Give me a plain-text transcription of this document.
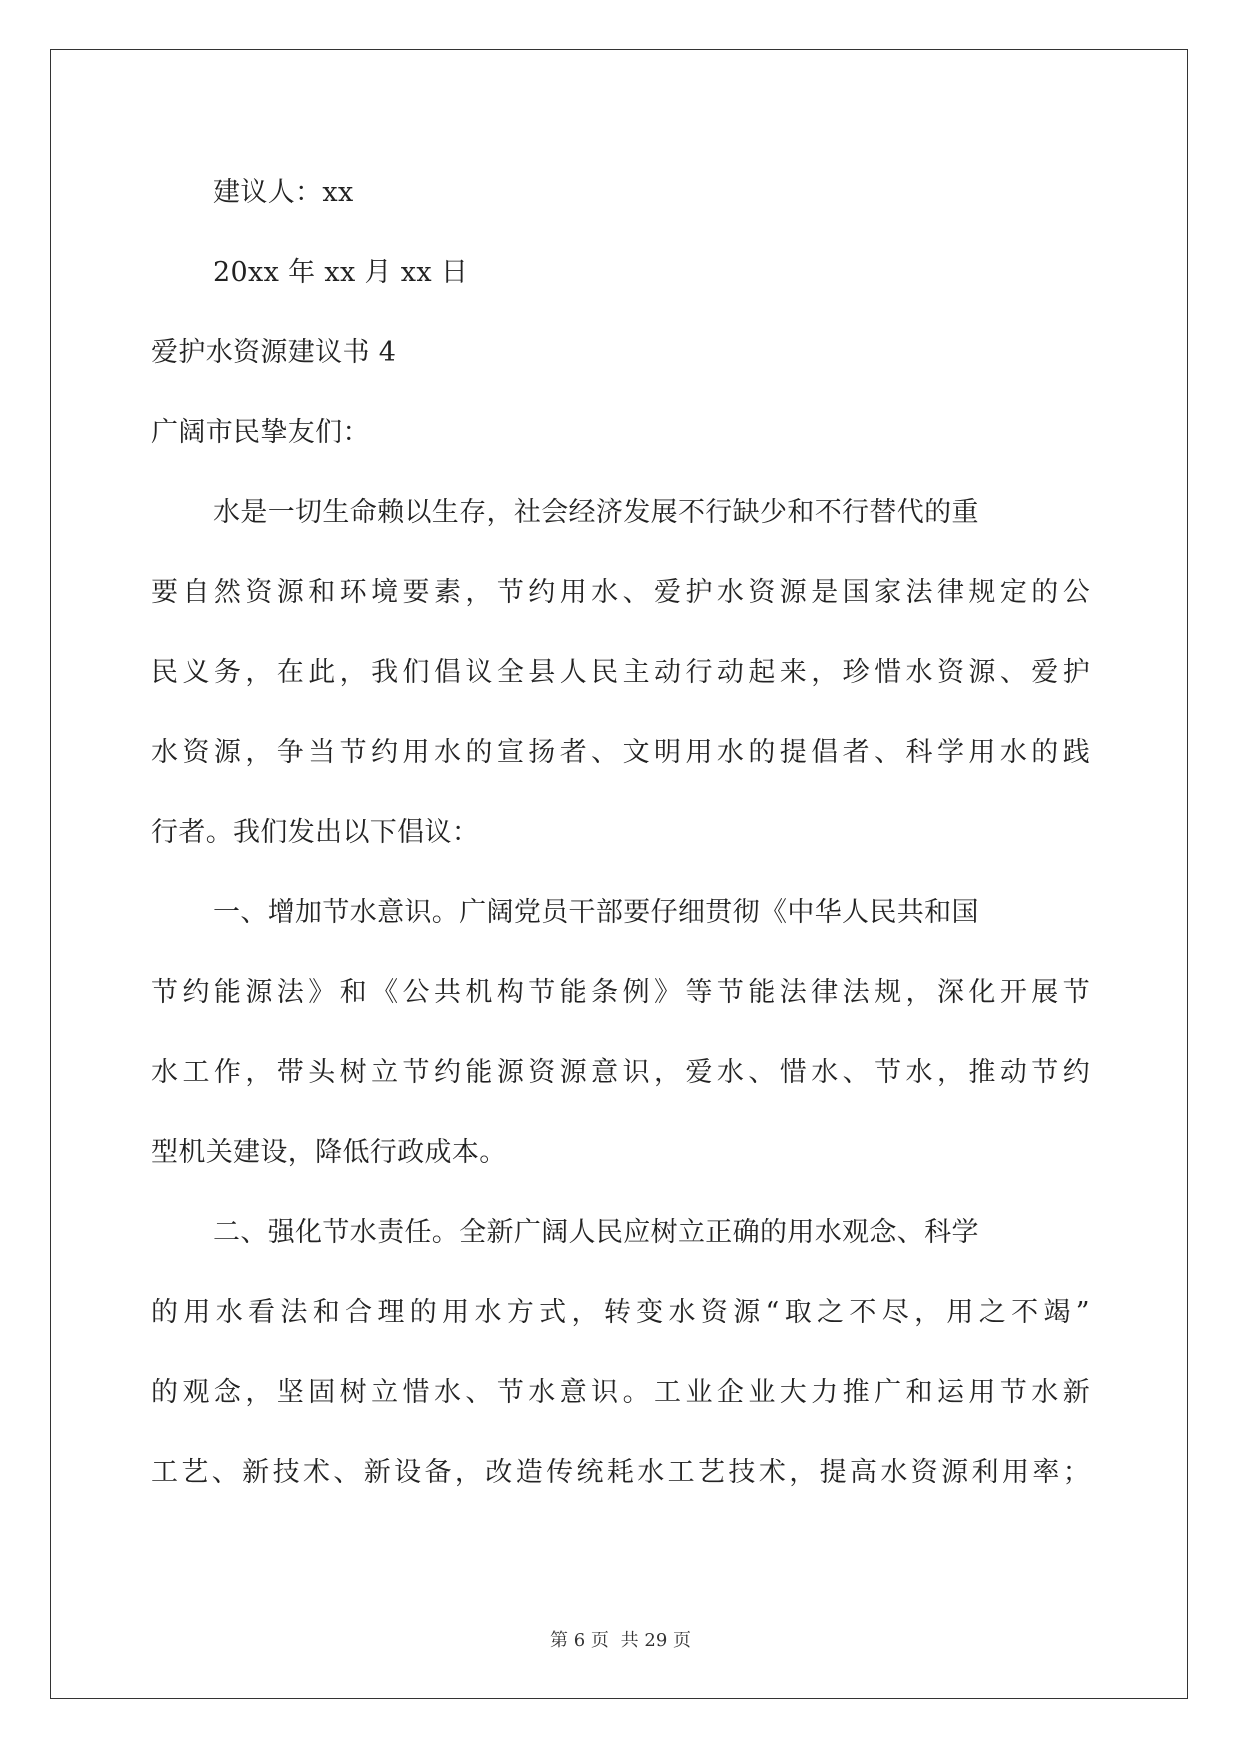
建议人：xx
20xx 年 xx 月 xx 日
爱护水资源建议书 4
广阔市民挚友们：
水是一切生命赖以生存，社会经济发展不行缺少和不行替代的重
要 自 然 资 源 和 环 境 要 素 ， 节 约 用 水 、 爱 护 水 资 源 是 国 家 法 律 规 定 的 公
民 义 务 ， 在 此 ， 我 们 倡 议 全 县 人 民 主 动 行 动 起 来 ， 珍 惜 水 资 源 、 爱 护
水 资 源 ， 争 当 节 约 用 水 的 宣 扬 者 、 文 明 用 水 的 提 倡 者 、 科 学 用 水 的 践
行者。我们发出以下倡议：
一、增加节水意识。广阔党员干部要仔细贯彻《中华人民共和国
节 约 能 源 法 》 和 《 公 共 机 构 节 能 条 例 》 等 节 能 法 律 法 规 ， 深 化 开 展 节
水 工 作 ， 带 头 树 立 节 约 能 源 资 源 意 识 ， 爱 水 、 惜 水 、 节 水 ， 推 动 节 约
型机关建设，降低行政成本。
二、强化节水责任。全新广阔人民应树立正确的用水观念、科学
的 用 水 看 法 和 合 理 的 用 水 方 式 ， 转 变 水 资 源 “ 取 之 不 尽 ， 用 之 不 竭 ”
的 观 念 ， 坚 固 树 立 惜 水 、 节 水 意 识 。 工 业 企 业 大 力 推 广 和 运 用 节 水 新
工 艺 、 新 技 术 、 新 设 备 ， 改 造 传 统 耗 水 工 艺 技 术 ， 提 高 水 资 源 利 用 率 ；
第 6 页 共 29 页
